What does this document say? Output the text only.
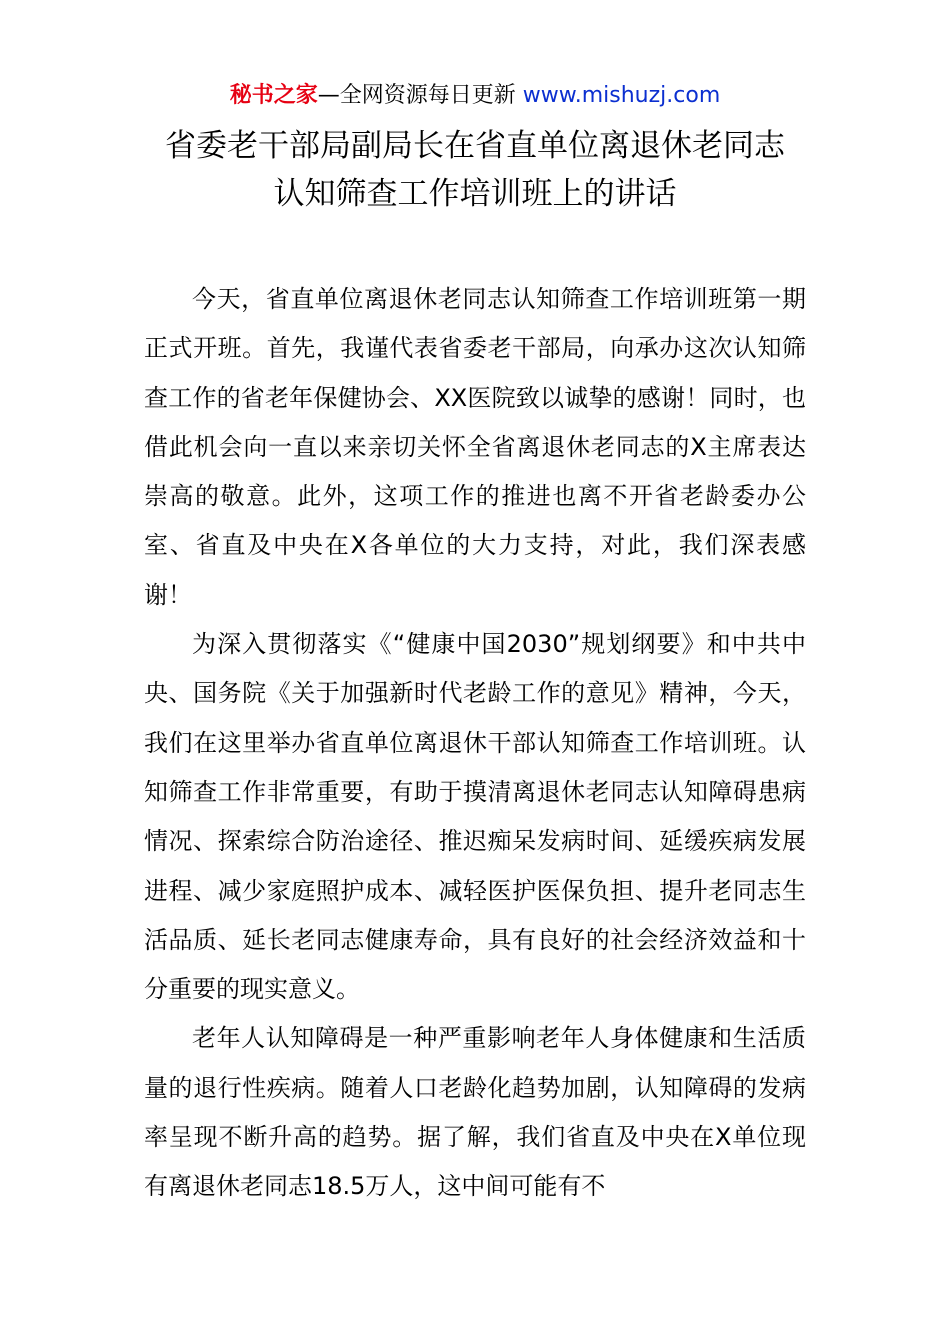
秘书之家—全网资源每日更新 www.mishuzj.com
省委老干部局副局长在省直单位离退休老同志
认知筛查工作培训班上的讲话

今天，省直单位离退休老同志认知筛查工作培训班第一期正式开班。首先，我谨代表省委老干部局，向承办这次认知筛查工作的省老年保健协会、XX医院致以诚挚的感谢！同时，也借此机会向一直以来亲切关怀全省离退休老同志的X主席表达崇高的敬意。此外，这项工作的推进也离不开省老龄委办公室、省直及中央在X各单位的大力支持，对此，我们深表感谢！

为深入贯彻落实《“健康中国2030”规划纲要》和中共中央、国务院《关于加强新时代老龄工作的意见》精神，今天，我们在这里举办省直单位离退休干部认知筛查工作培训班。认知筛查工作非常重要，有助于摸清离退休老同志认知障碍患病情况、探索综合防治途径、推迟痴呆发病时间、延缓疾病发展进程、减少家庭照护成本、减轻医护医保负担、提升老同志生活品质、延长老同志健康寿命，具有良好的社会经济效益和十分重要的现实意义。

老年人认知障碍是一种严重影响老年人身体健康和生活质量的退行性疾病。随着人口老龄化趋势加剧，认知障碍的发病率呈现不断升高的趋势。据了解，我们省直及中央在X单位现有离退休老同志18.5万人，这中间可能有不
